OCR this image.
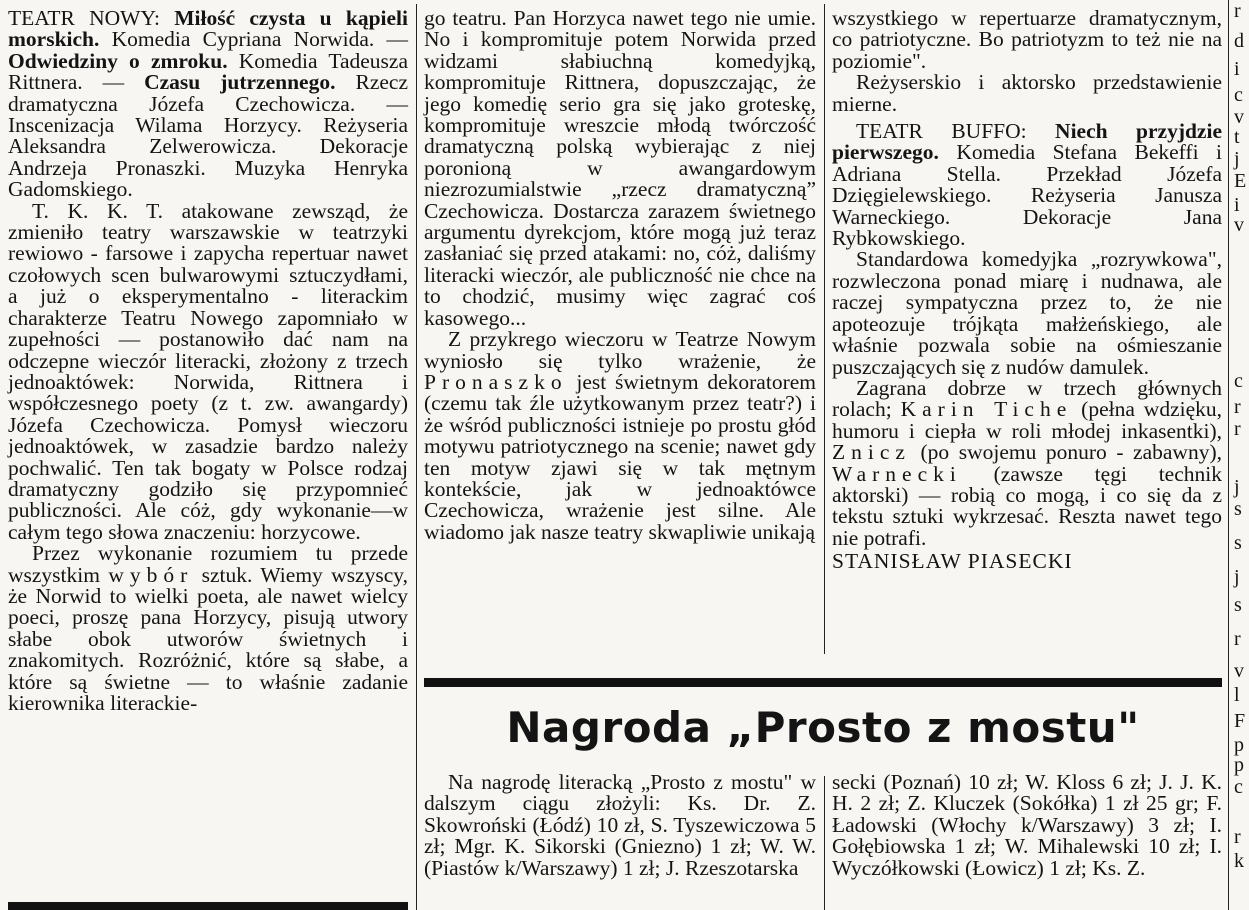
TEATR NOWY: Miłość czysta u kąpieli morskich. Komedia Cypriana Norwida. — Odwiedziny o zmroku. Komedia Tadeusza Rittnera. — Czasu jutrzennego. Rzecz dramatyczna Józefa Czechowicza. — Inscenizacja Wilama Horzycy. Reżyseria Aleksandra Zelwerowicza. Dekoracje Andrzeja Pronaszki. Muzyka Henryka Gadomskiego.

T. K. K. T. atakowane zewsząd, że zmieniło teatry warszawskie w teatrzyki rewiowo - farsowe i zapycha repertuar nawet czołowych scen bulwarowymi sztuczydłami, a już o eksperymentalno - literackim charakterze Teatru Nowego zapomniało w zupełności — postanowiło dać nam na odczepne wieczór literacki, złożony z trzech jednoaktówek: Norwida, Rittnera i współczesnego poety (z t. zw. awangardy) Józefa Czechowicza. Pomysł wieczoru jednoaktówek, w zasadzie bardzo należy pochwalić. Ten tak bogaty w Polsce rodzaj dramatyczny godziło się przypomnieć publiczności. Ale cóż, gdy wykonanie—w całym tego słowa znaczeniu: horzycowe.

Przez wykonanie rozumiem tu przede wszystkim wybór sztuk. Wiemy wszyscy, że Norwid to wielki poeta, ale nawet wielcy poeci, proszę pana Horzycy, pisują utwory słabe obok utworów świetnych i znakomitych. Rozróżnić, które są słabe, a które są świetne — to właśnie zadanie kierownika literackie-

go teatru. Pan Horzyca nawet tego nie umie. No i kompromituje potem Norwida przed widzami słabiuchną komedyjką, kompromituje Rittnera, dopuszczając, że jego komedię serio gra się jako groteskę, kompromituje wreszcie młodą twórczość dramatyczną polską wybierając z niej poronioną w awangardowym niezrozumialstwie „rzecz dramatyczną” Czechowicza. Dostarcza zarazem świetnego argumentu dyrekcjom, które mogą już teraz zasłaniać się przed atakami: no, cóż, daliśmy literacki wieczór, ale publiczność nie chce na to chodzić, musimy więc zagrać coś kasowego...

Z przykrego wieczoru w Teatrze Nowym wyniosło się tylko wrażenie, że Pronaszko jest świetnym dekoratorem (czemu tak źle użytkowanym przez teatr?) i że wśród publiczności istnieje po prostu głód motywu patriotycznego na scenie; nawet gdy ten motyw zjawi się w tak mętnym kontekście, jak w jednoaktówce Czechowicza, wrażenie jest silne. Ale wiadomo jak nasze teatry skwapliwie unikają

wszystkiego w repertuarze dramatycznym, co patriotyczne. Bo patriotyzm to też nie na poziomie".

Reżyserskio i aktorsko przedstawienie mierne.

TEATR BUFFO: Niech przyjdzie pierwszego. Komedia Stefana Bekeffi i Adriana Stella. Przekład Józefa Dzięgielewskiego. Reżyseria Janusza Warneckiego. Dekoracje Jana Rybkowskiego.

Standardowa komedyjka „rozrywkowa", rozwleczona ponad miarę i nudnawa, ale raczej sympatyczna przez to, że nie apoteozuje trójkąta małżeńskiego, ale właśnie pozwala sobie na ośmieszanie puszczających się z nudów damulek.

Zagrana dobrze w trzech głównych rolach; Karin Tiche (pełna wdzięku, humoru i ciepła w roli młodej inkasentki), Znicz (po swojemu ponuro - zabawny), Warnecki (zawsze tęgi technik aktorski) — robią co mogą, i co się da z tekstu sztuki wykrzesać. Reszta nawet tego nie potrafi.

STANISŁAW PIASECKI

Nagroda „Prosto z mostu"

Na nagrodę literacką „Prosto z mostu" w dalszym ciągu złożyli: Ks. Dr. Z. Skowroński (Łódź) 10 zł, S. Tyszewiczowa 5 zł; Mgr. K. Sikorski (Gniezno) 1 zł; W. W. (Piastów k/Warszawy) 1 zł; J. Rzeszotarska

secki (Poznań) 10 zł; W. Kloss 6 zł; J. J. K. H. 2 zł; Z. Kluczek (Sokółka) 1 zł 25 gr; F. Ładowski (Włochy k/Warszawy) 3 zł; I. Gołębiowska 1 zł; W. Mihalewski 10 zł; I. Wyczółkowski (Łowicz) 1 zł; Ks. Z.

r
d
i
c
v
t
j
E
i
v
c
r
r
j
s
s
j
s
r
v
l
F
p
p
c
r
k
